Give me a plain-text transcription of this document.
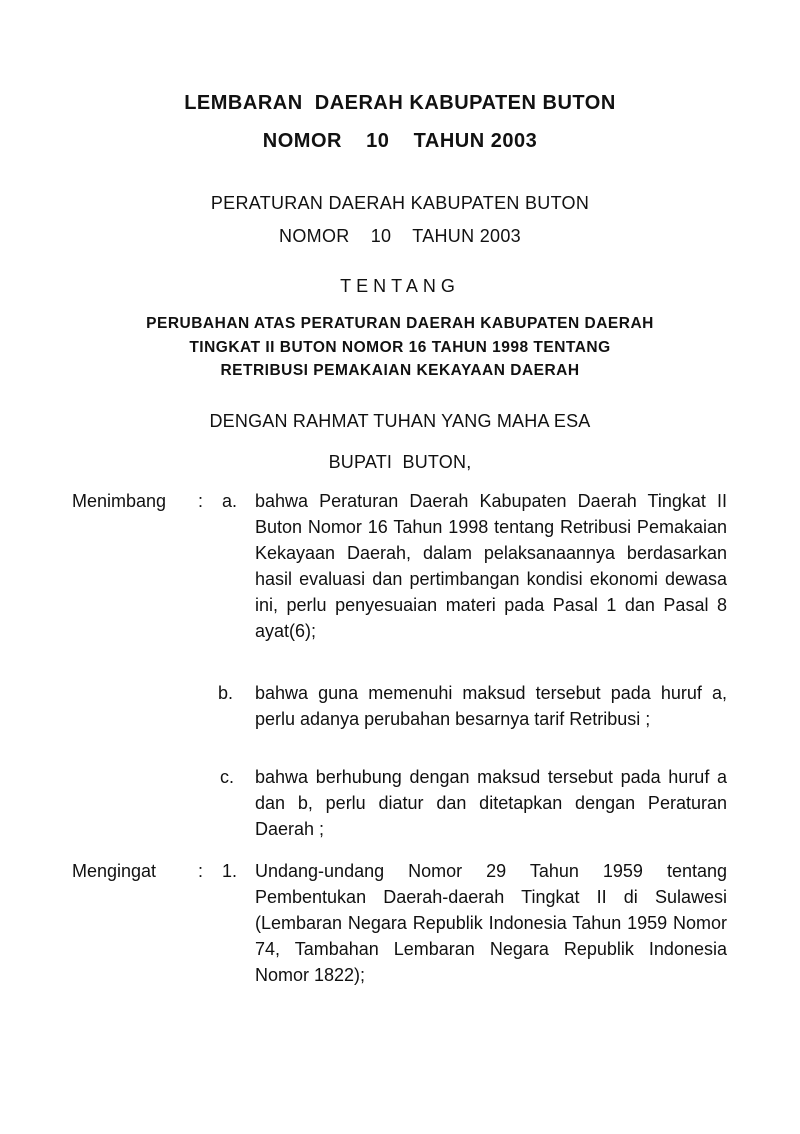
LEMBARAN  DAERAH KABUPATEN BUTON
NOMOR    10    TAHUN 2003
PERATURAN DAERAH KABUPATEN BUTON
NOMOR    10    TAHUN 2003
TENTANG
PERUBAHAN ATAS PERATURAN DAERAH KABUPATEN DAERAH
TINGKAT II BUTON NOMOR 16 TAHUN 1998 TENTANG
RETRIBUSI PEMAKAIAN KEKAYAAN DAERAH
DENGAN RAHMAT TUHAN YANG MAHA ESA
BUPATI  BUTON,
Menimbang : a. bahwa Peraturan Daerah Kabupaten Daerah Tingkat II Buton Nomor 16 Tahun 1998 tentang Retribusi Pemakaian Kekayaan Daerah, dalam pelaksanaannya berdasarkan hasil evaluasi dan pertimbangan kondisi ekonomi dewasa ini, perlu penyesuaian materi pada Pasal 1 dan Pasal 8 ayat(6);
b. bahwa guna memenuhi maksud tersebut pada huruf a, perlu adanya perubahan besarnya tarif Retribusi ;
c. bahwa berhubung dengan maksud tersebut pada huruf a dan b, perlu diatur dan ditetapkan dengan Peraturan Daerah ;
Mengingat : 1. Undang-undang Nomor 29 Tahun 1959 tentang Pembentukan Daerah-daerah Tingkat II di Sulawesi (Lembaran Negara Republik Indonesia Tahun 1959 Nomor 74, Tambahan Lembaran Negara Republik Indonesia Nomor 1822);
